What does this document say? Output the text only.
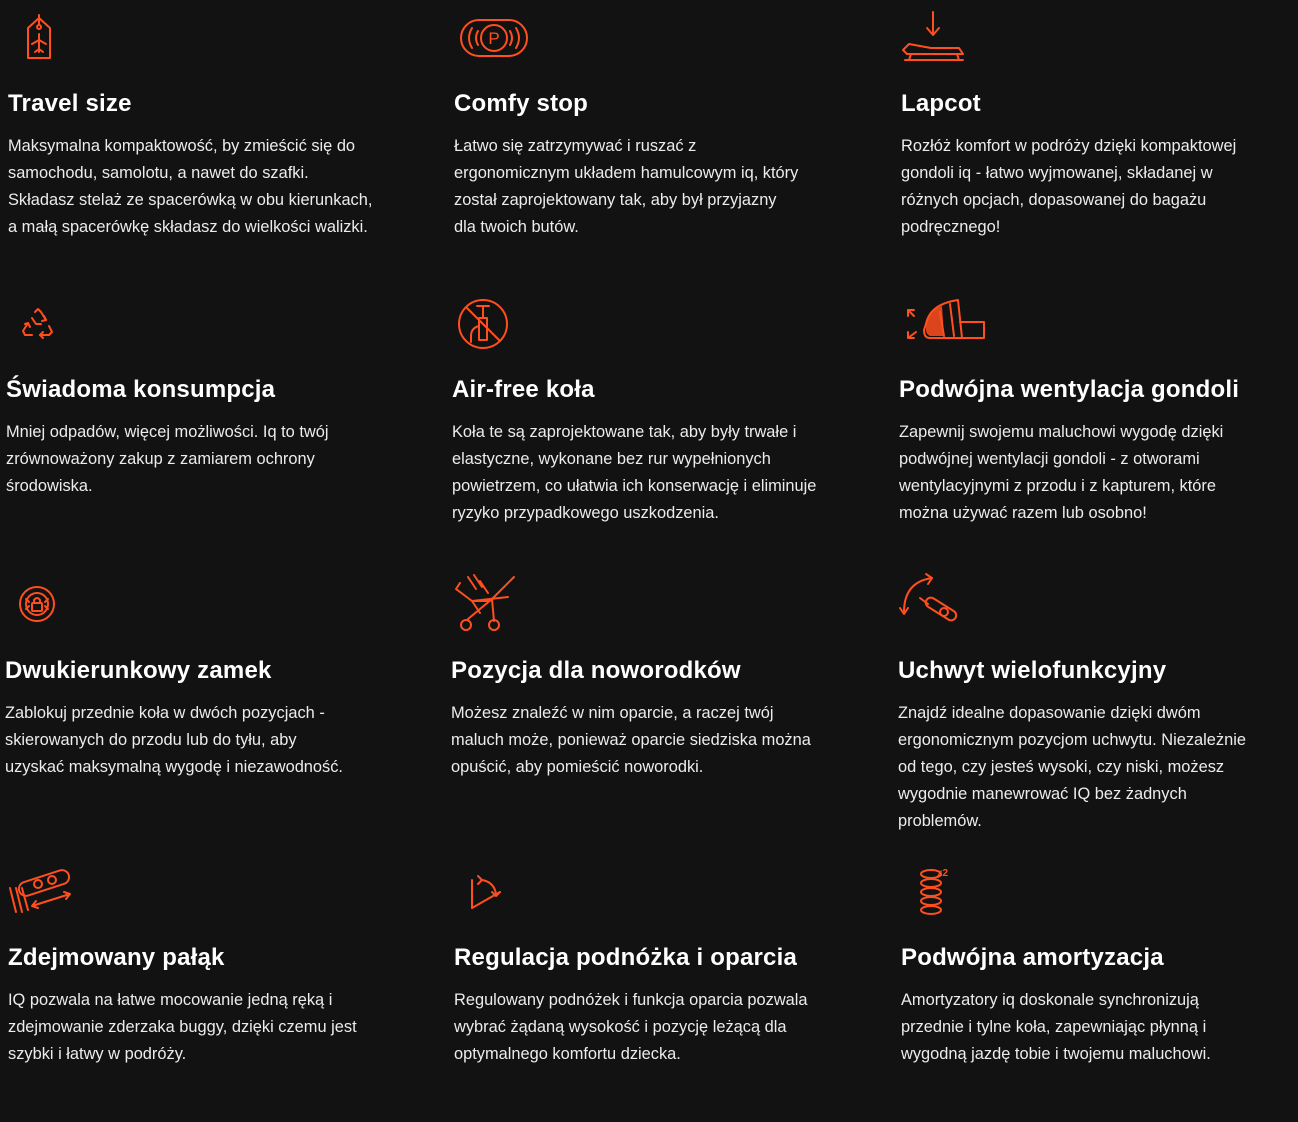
Travel size

Maksymalna kompaktowość, by zmieścić się do samochodu, samolotu, a nawet do szafki. Składasz stelaż ze spacerówką w obu kierunkach, a małą spacerówkę składasz do wielkości walizki.

P
Comfy stop

Łatwo się zatrzymywać i ruszać z ergonomicznym układem hamulcowym iq, który został zaprojektowany tak, aby był przyjazny dla twoich butów.

Lapcot

Rozłóż komfort w podróży dzięki kompaktowej gondoli iq - łatwo wyjmowanej, składanej w różnych opcjach, dopasowanej do bagażu podręcznego!

Świadoma konsumpcja

Mniej odpadów, więcej możliwości. Iq to twój zrównoważony zakup z zamiarem ochrony środowiska.

Air-free koła

Koła te są zaprojektowane tak, aby były trwałe i elastyczne, wykonane bez rur wypełnionych powietrzem, co ułatwia ich konserwację i eliminuje ryzyko przypadkowego uszkodzenia.

Podwójna wentylacja gondoli

Zapewnij swojemu maluchowi wygodę dzięki podwójnej wentylacji gondoli - z otworami wentylacyjnymi z przodu i z kapturem, które można używać razem lub osobno!

Dwukierunkowy zamek

Zablokuj przednie koła w dwóch pozycjach - skierowanych do przodu lub do tyłu, aby uzyskać maksymalną wygodę i niezawodność.

Pozycja dla noworodków

Możesz znaleźć w nim oparcie, a raczej twój maluch może, ponieważ oparcie siedziska można opuścić, aby pomieścić noworodki.

Uchwyt wielofunkcyjny

Znajdź idealne dopasowanie dzięki dwóm ergonomicznym pozycjom uchwytu. Niezależnie od tego, czy jesteś wysoki, czy niski, możesz wygodnie manewrować IQ bez żadnych problemów.

Zdejmowany pałąk

IQ pozwala na łatwe mocowanie jedną ręką i zdejmowanie zderzaka buggy, dzięki czemu jest szybki i łatwy w podróży.

Regulacja podnóżka i oparcia

Regulowany podnóżek i funkcja oparcia pozwala wybrać żądaną wysokość i pozycję leżącą dla optymalnego komfortu dziecka.

x2
Podwójna amortyzacja

Amortyzatory iq doskonale synchronizują przednie i tylne koła, zapewniając płynną i wygodną jazdę tobie i twojemu maluchowi.
